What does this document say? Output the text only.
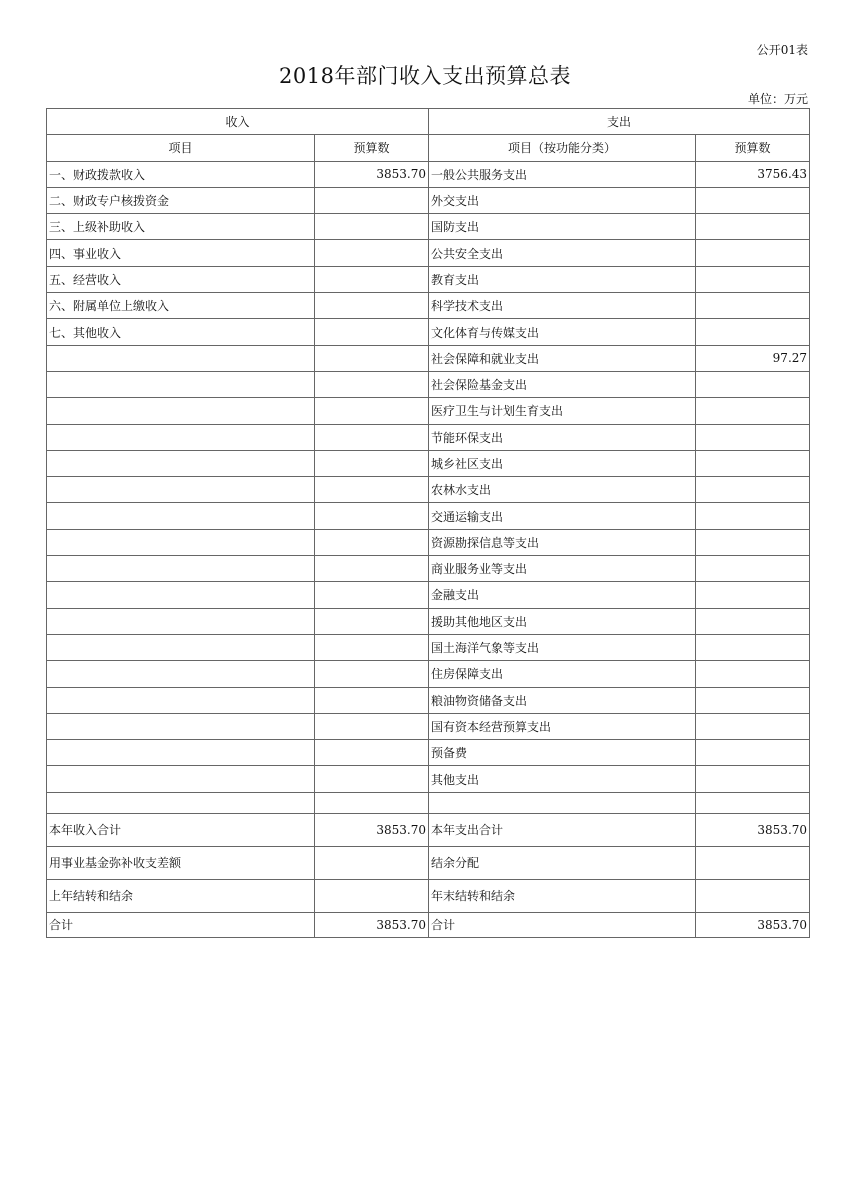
公开01表
2018年部门收入支出预算总表
单位：万元
收入		支出	
项目	预算数	项目（按功能分类）	预算数
一、财政拨款收入	3853.70	一般公共服务支出	3756.43
二、财政专户核拨资金		外交支出	
三、上级补助收入		国防支出	
四、事业收入		公共安全支出	
五、经营收入		教育支出	
六、附属单位上缴收入		科学技术支出	
七、其他收入		文化体育与传媒支出	
		社会保障和就业支出	97.27
		社会保险基金支出	
		医疗卫生与计划生育支出	
		节能环保支出	
		城乡社区支出	
		农林水支出	
		交通运输支出	
		资源勘探信息等支出	
		商业服务业等支出	
		金融支出	
		援助其他地区支出	
		国土海洋气象等支出	
		住房保障支出	
		粮油物资储备支出	
		国有资本经营预算支出	
		预备费	
		其他支出	

本年收入合计	3853.70	本年支出合计	3853.70
用事业基金弥补收支差额		结余分配	
上年结转和结余		年末结转和结余	
合计	3853.70	合计	3853.70
